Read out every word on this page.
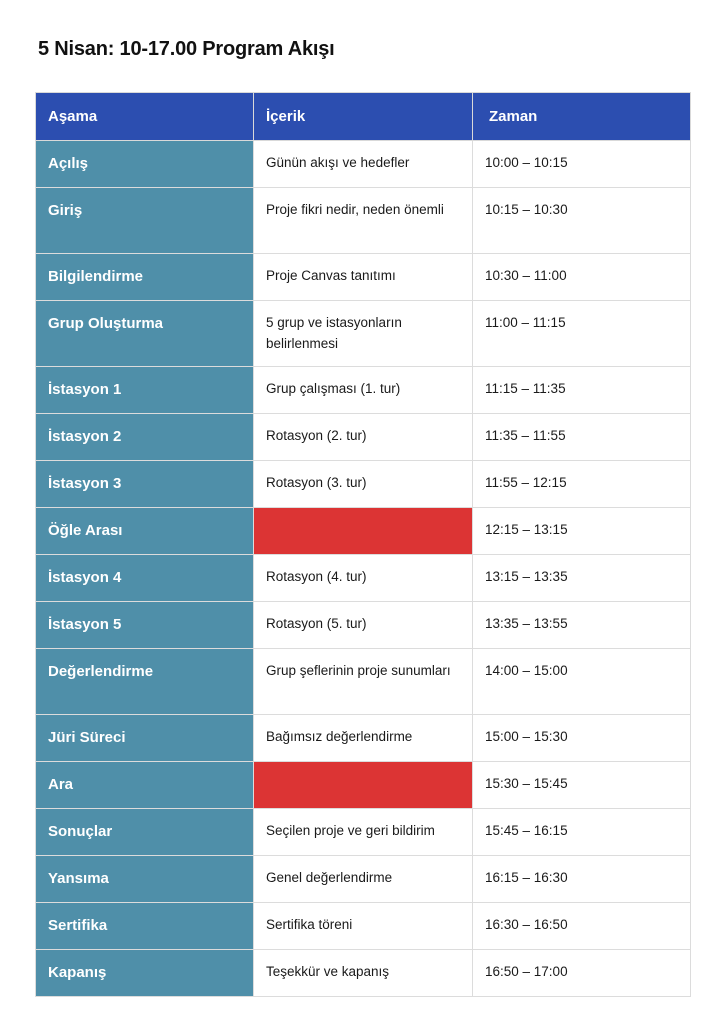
5 Nisan: 10-17.00 Program Akışı
Aşama	İçerik	Zaman
Açılış	Günün akışı ve hedefler	10:00 – 10:15
Giriş	Proje fikri nedir, neden önemli	10:15 – 10:30
Bilgilendirme	Proje Canvas tanıtımı	10:30 – 11:00
Grup Oluşturma	5 grup ve istasyonların belirlenmesi	11:00 – 11:15
İstasyon 1	Grup çalışması (1. tur)	11:15 – 11:35
İstasyon 2	Rotasyon (2. tur)	11:35 – 11:55
İstasyon 3	Rotasyon (3. tur)	11:55 – 12:15
Öğle Arası		12:15 – 13:15
İstasyon 4	Rotasyon (4. tur)	13:15 – 13:35
İstasyon 5	Rotasyon (5. tur)	13:35 – 13:55
Değerlendirme	Grup şeflerinin proje sunumları	14:00 – 15:00
Jüri Süreci	Bağımsız değerlendirme	15:00 – 15:30
Ara		15:30 – 15:45
Sonuçlar	Seçilen proje ve geri bildirim	15:45 – 16:15
Yansıma	Genel değerlendirme	16:15 – 16:30
Sertifika	Sertifika töreni	16:30 – 16:50
Kapanış	Teşekkür ve kapanış	16:50 – 17:00
